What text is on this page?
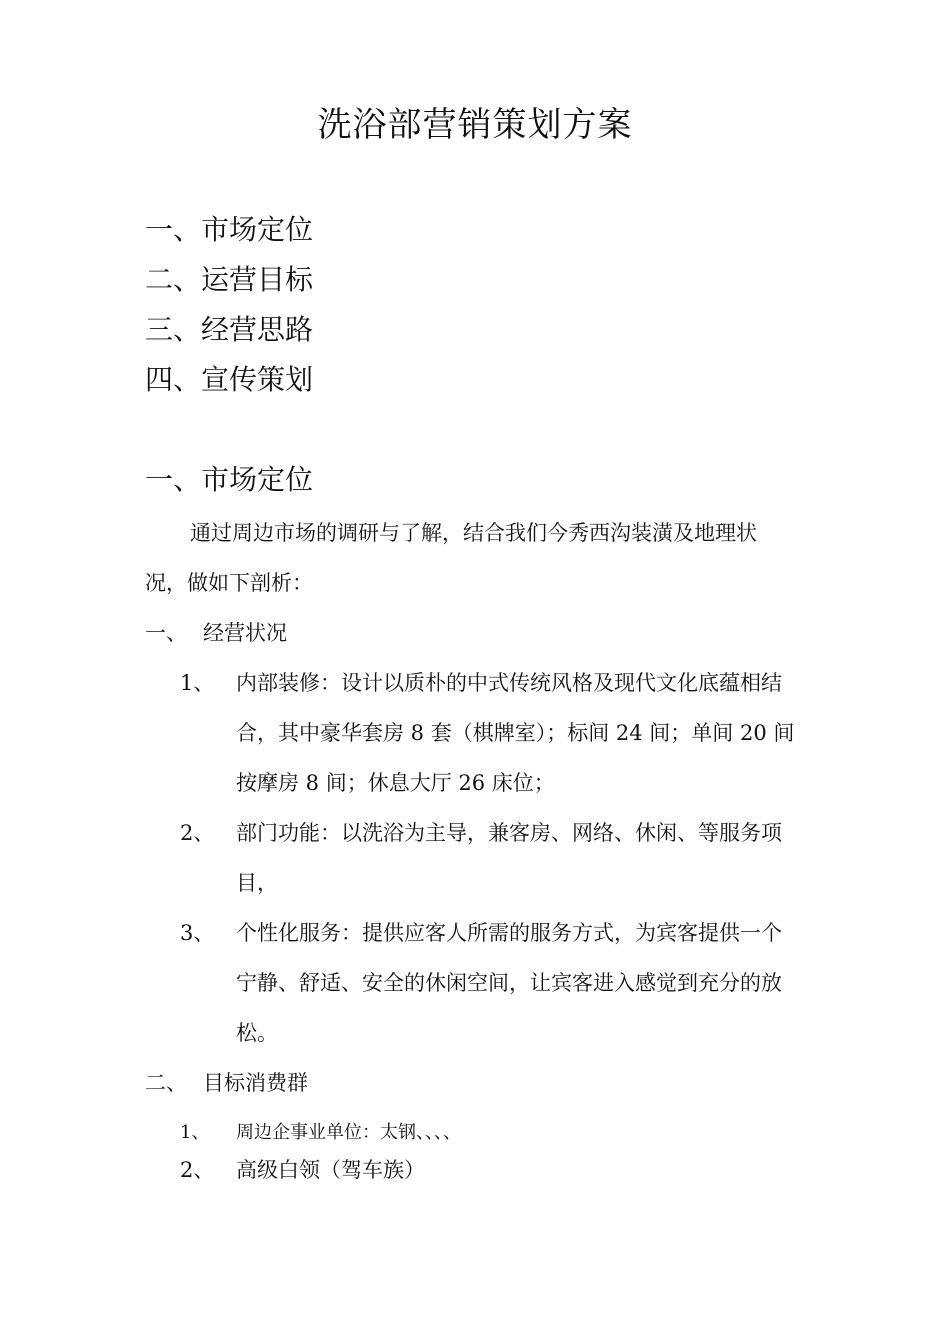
洗浴部营销策划方案
一、市场定位
二、运营目标
三、经营思路
四、宣传策划
一、市场定位
通过周边市场的调研与了解，结合我们今秀西沟装潢及地理状
况，做如下剖析：
一、 经营状况
1、 内部装修：设计以质朴的中式传统风格及现代文化底蕴相结
合，其中豪华套房 8 套（棋牌室）；标间 24 间；单间 20 间
按摩房 8 间；休息大厅 26 床位；
2、 部门功能：以洗浴为主导，兼客房、网络、休闲、等服务项
目，
3、 个性化服务：提供应客人所需的服务方式，为宾客提供一个
宁静、舒适、安全的休闲空间，让宾客进入感觉到充分的放
松。
二、 目标消费群
1、 周边企事业单位：太钢、、、、
2、 高级白领（驾车族）
